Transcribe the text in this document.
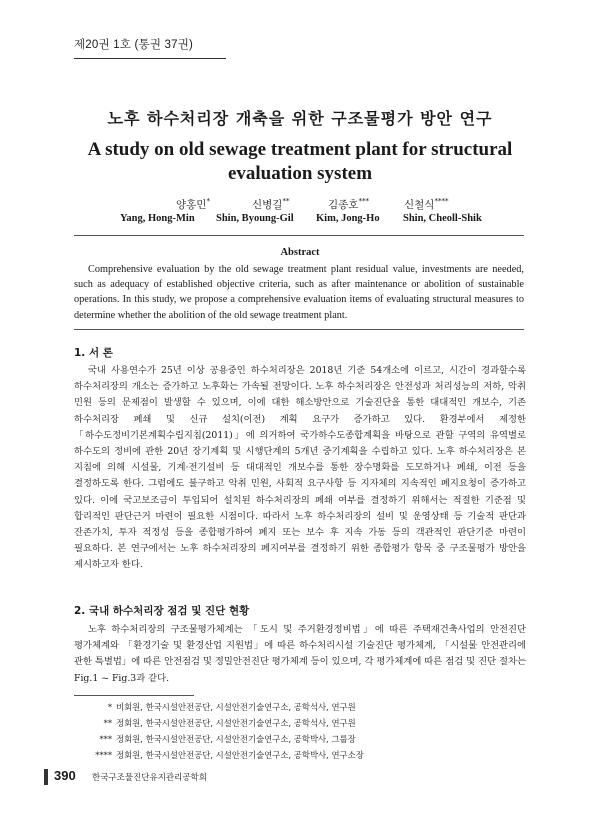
제20권 1호 (통권 37권)
노후 하수처리장 개축을 위한 구조물평가 방안 연구
A study on old sewage treatment plant for structural evaluation system
양홍민*	신병길**	김종호***	신철식****
Yang, Hong-Min Shin, Byoung-Gil Kim, Jong-Ho Shin, Cheoll-Shik
Abstract

Comprehensive evaluation by the old sewage treatment plant residual value, investments are needed, such as adequacy of established objective criteria, such as after maintenance or abolition of sustainable operations. In this study, we propose a comprehensive evaluation items of evaluating structural measures to determine whether the abolition of the old sewage treatment plant.

1. 서 론

국내 사용연수가 25년 이상 공용중인 하수처리장은 2018년 기준 54개소에 이르고, 시간이 경과할수록 하수처리장의 개소는 증가하고 노후화는 가속될 전망이다. 노후 하수처리장은 안전성과 처리성능의 저하, 악취 민원 등의 문제점이 발생할 수 있으며, 이에 대한 해소방안으로 기술진단을 통한 대대적인 개보수, 기존 하수처리장 폐쇄 및 신규 설치(이전) 계획 요구가 증가하고 있다. 환경부에서 제정한 「하수도정비기본계획수립지침(2011)」에 의거하여 국가하수도종합계획을 바탕으로 관할 구역의 유역별로 하수도의 정비에 관한 20년 장기계획 및 시행단계의 5개년 중기계획을 수립하고 있다. 노후 하수처리장은 본 지침에 의해 시설물, 기계·전기설비 등 대대적인 개보수를 통한 장수명화를 도모하거나 폐쇄, 이전 등을 결정하도록 한다. 그럼에도 불구하고 악취 민원, 사회적 요구사항 등 지자체의 지속적인 폐지요청이 증가하고 있다. 이에 국고보조금이 투입되어 설치된 하수처리장의 폐쇄 여부를 결정하기 위해서는 적절한 기준점 및 합리적인 판단근거 마련이 필요한 시점이다. 따라서 노후 하수처리장의 설비 및 운영상태 등 기술적 판단과 잔존가치, 투자 적정성 등을 종합평가하여 폐지 또는 보수 후 지속 가동 등의 객관적인 판단기준 마련이 필요하다. 본 연구에서는 노후 하수처리장의 폐지여부를 결정하기 위한 종합평가 항목 중 구조물평가 방안을 제시하고자 한다.

2. 국내 하수처리장 점검 및 진단 현황

노후 하수처리장의 구조물평가체계는 「도시 및 주거환경정비법」에 따른 주택재건축사업의 안전진단 평가체계와 「환경기술 및 환경산업 지원법」에 따른 하수처리시설 기술진단 평가체계, 「시설물 안전관리에 관한 특별법」에 따른 안전점검 및 정밀안전진단 평가체계 등이 있으며, 각 평가체계에 따른 점검 및 진단 절차는 Fig.1 ~ Fig.3과 같다.

* 비회원, 한국시설안전공단, 시설안전기술연구소, 공학석사, 연구원
** 정회원, 한국시설안전공단, 시설안전기술연구소, 공학석사, 연구원
*** 정회원, 한국시설안전공단, 시설안전기술연구소, 공학박사, 그룹장
**** 정회원, 한국시설안전공단, 시설안전기술연구소, 공학박사, 연구소장
390 한국구조물진단유지관리공학회
